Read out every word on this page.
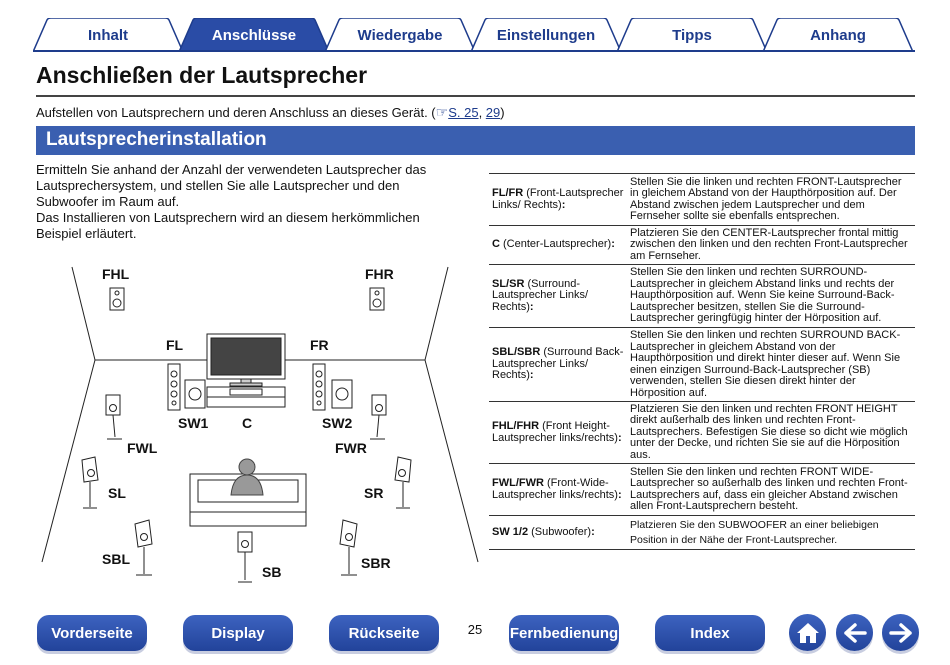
Inhalt	Anschlüsse	Wiedergabe	Einstellungen	Tipps	Anhang
Anschließen der Lautsprecher
Aufstellen von Lautsprechern und deren Anschluss an dieses Gerät. (☞S. 25, 29)
Lautsprecherinstallation

Ermitteln Sie anhand der Anzahl der verwendeten Lautsprecher das Lautsprechersystem, und stellen Sie alle Lautsprecher und den Subwoofer im Raum auf.

Das Installieren von Lautsprechern wird an diesem herkömmlichen Beispiel erläutert.

FHL	FHR
FL	FR
SW1 C	SW2
FWL	FWR
SL	SR
SBL
SB
SBR
FL/FR (Front-Lautsprecher Links/ Rechts):	Stellen Sie die linken und rechten FRONT-Lautsprecher in gleichem Abstand von der Haupthörposition auf. Der Abstand zwischen jedem Lautsprecher und dem Fernseher sollte sie ebenfalls entsprechen.
C (Center-Lautsprecher):	Platzieren Sie den CENTER-Lautsprecher frontal mittig zwischen den linken und den rechten Front-Lautsprecher am Fernseher.
SL/SR (Surround-Lautsprecher Links/ Rechts):	Stellen Sie den linken und rechten SURROUND-Lautsprecher in gleichem Abstand links und rechts der Haupthörposition auf. Wenn Sie keine Surround-Back-Lautsprecher besitzen, stellen Sie die Surround-Lautsprecher geringfügig hinter der Hörposition auf.
SBL/SBR (Surround Back-Lautsprecher Links/ Rechts):	Stellen Sie den linken und rechten SURROUND BACK-Lautsprecher in gleichem Abstand von der Haupthörposition und direkt hinter dieser auf. Wenn Sie einen einzigen Surround-Back-Lautsprecher (SB) verwenden, stellen Sie diesen direkt hinter der Hörposition auf.
FHL/FHR (Front Height-Lautsprecher links/rechts):	Platzieren Sie den linken und rechten FRONT HEIGHT direkt außerhalb des linken und rechten Front-Lautsprechers. Befestigen Sie diese so dicht wie möglich unter der Decke, und richten Sie sie auf die Hörposition aus.
FWL/FWR (Front-Wide-Lautsprecher links/rechts):	Stellen Sie den linken und rechten FRONT WIDE-Lautsprecher so außerhalb des linken und rechten Front-Lautsprechers auf, dass ein gleicher Abstand zwischen allen Front-Lautsprechern besteht.
SW 1/2 (Subwoofer):	Platzieren Sie den SUBWOOFER an einer beliebigen Position in der Nähe der Front-Lautsprecher.
Vorderseite	Display	Rückseite	25	Fernbedienung	Index
